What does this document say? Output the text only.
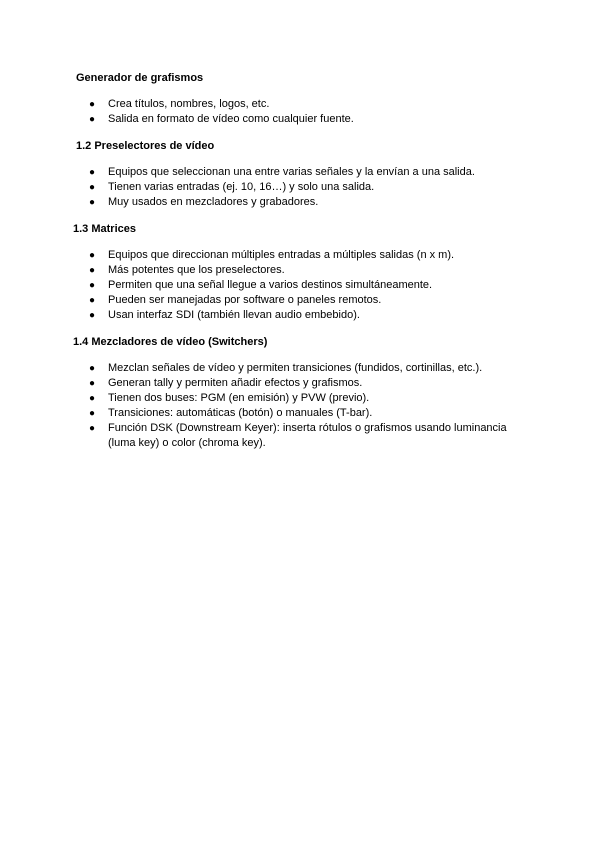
Generador de grafismos
● Crea títulos, nombres, logos, etc.
● Salida en formato de vídeo como cualquier fuente.
1.2 Preselectores de vídeo
● Equipos que seleccionan una entre varias señales y la envían a una salida.
● Tienen varias entradas (ej. 10, 16…) y solo una salida.
● Muy usados en mezcladores y grabadores.
1.3 Matrices
● Equipos que direccionan múltiples entradas a múltiples salidas (n x m).
● Más potentes que los preselectores.
● Permiten que una señal llegue a varios destinos simultáneamente.
● Pueden ser manejadas por software o paneles remotos.
● Usan interfaz SDI (también llevan audio embebido).
1.4 Mezcladores de vídeo (Switchers)
● Mezclan señales de vídeo y permiten transiciones (fundidos, cortinillas, etc.).
● Generan tally y permiten añadir efectos y grafismos.
● Tienen dos buses: PGM (en emisión) y PVW (previo).
● Transiciones: automáticas (botón) o manuales (T-bar).
● Función DSK (Downstream Keyer): inserta rótulos o grafismos usando luminancia (luma key) o color (chroma key).
